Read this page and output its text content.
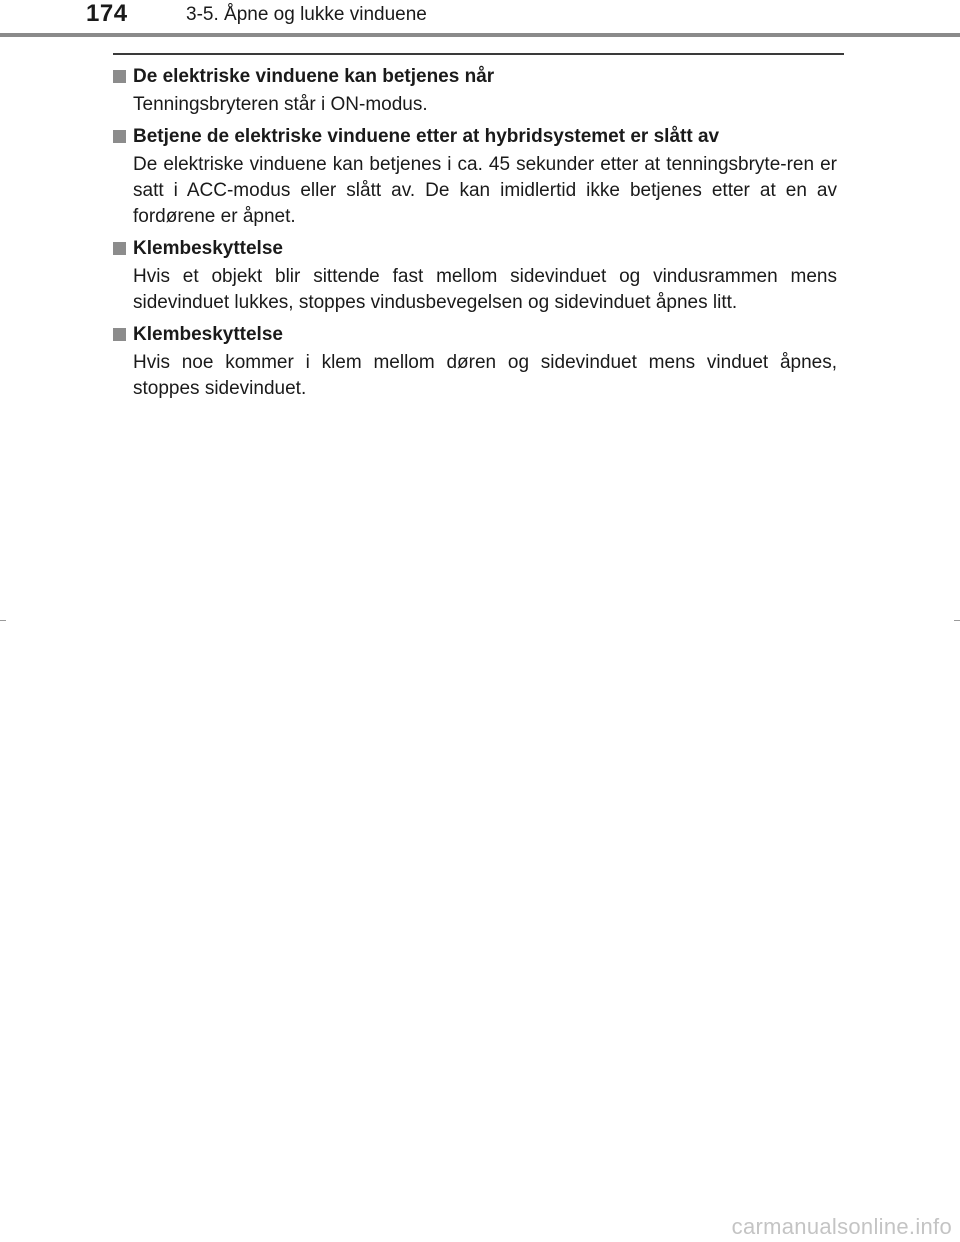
174	3-5. Åpne og lukke vinduene
De elektriske vinduene kan betjenes når
Tenningsbryteren står i ON-modus.
Betjene de elektriske vinduene etter at hybridsystemet er slått av
De elektriske vinduene kan betjenes i ca. 45 sekunder etter at tenningsbryte-ren er satt i ACC-modus eller slått av. De kan imidlertid ikke betjenes etter at en av fordørene er åpnet.
Klembeskyttelse
Hvis et objekt blir sittende fast mellom sidevinduet og vindusrammen mens sidevinduet lukkes, stoppes vindusbevegelsen og sidevinduet åpnes litt.
Klembeskyttelse
Hvis noe kommer i klem mellom døren og sidevinduet mens vinduet åpnes, stoppes sidevinduet.
carmanualsonline.info
